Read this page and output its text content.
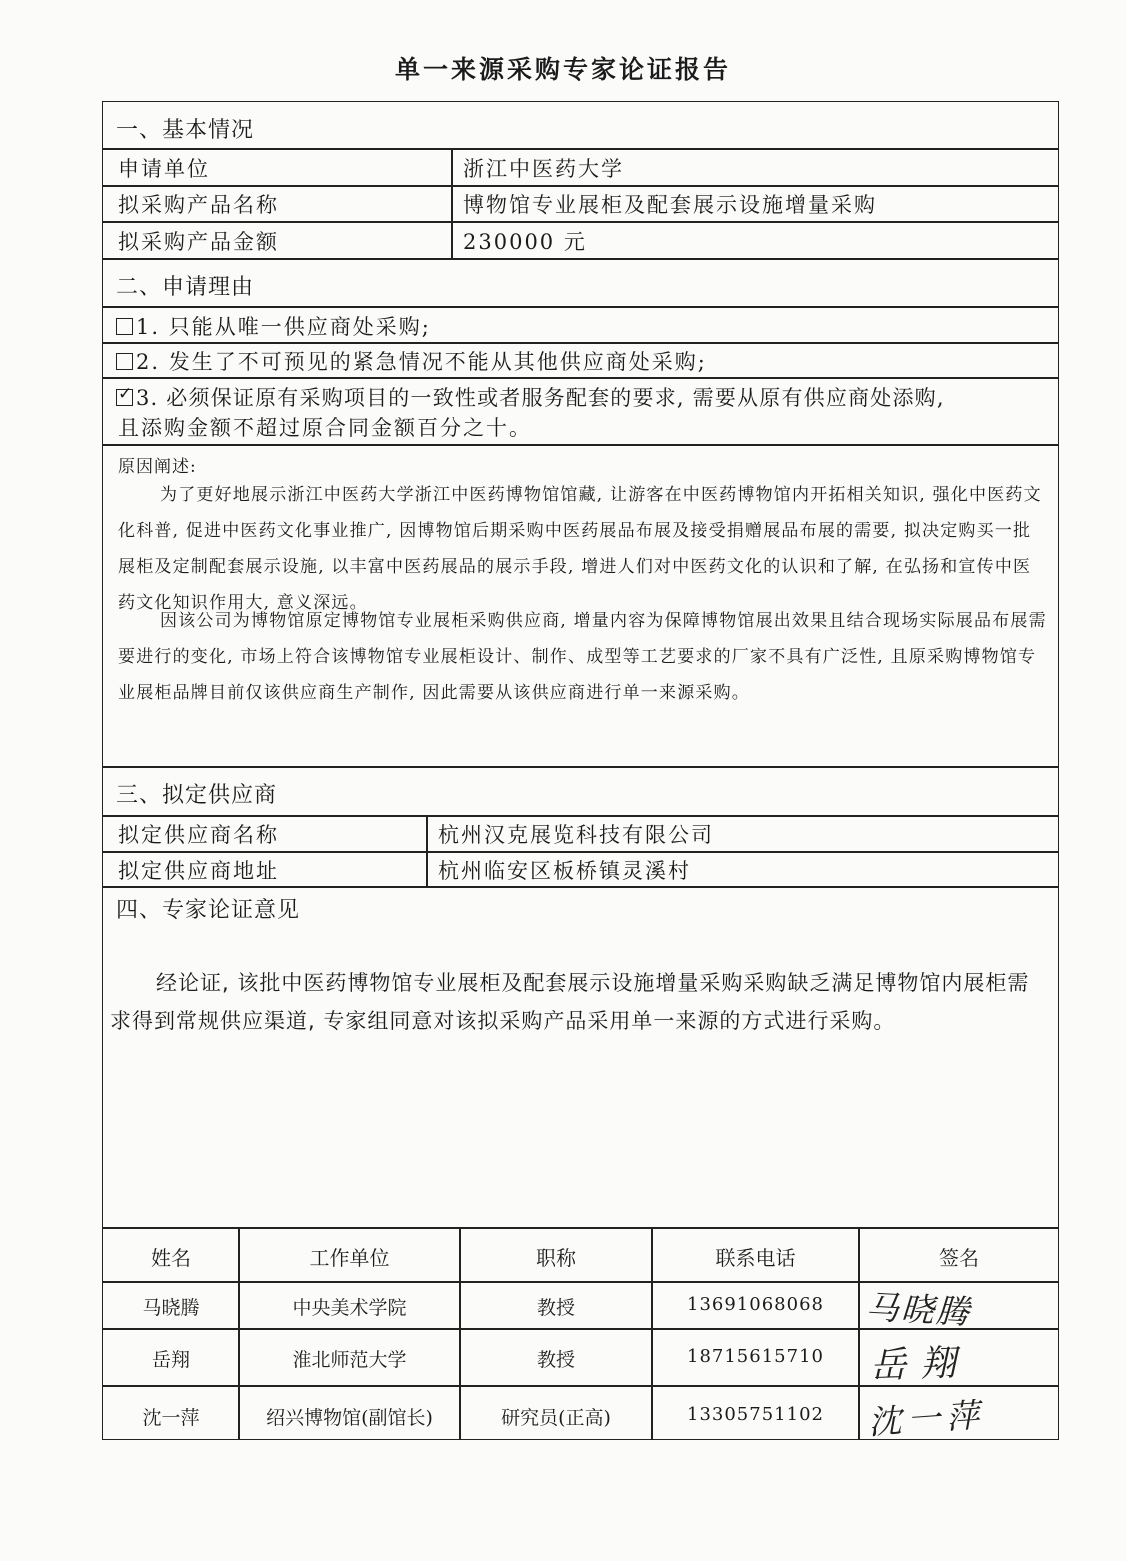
单一来源采购专家论证报告
一、基本情况
申请单位	浙江中医药大学
拟采购产品名称	博物馆专业展柜及配套展示设施增量采购
拟采购产品金额	230000 元
二、申请理由
1. 只能从唯一供应商处采购;
2. 发生了不可预见的紧急情况不能从其他供应商处采购;
✓3. 必须保证原有采购项目的一致性或者服务配套的要求, 需要从原有供应商处添购,
且添购金额不超过原合同金额百分之十。
原因阐述:
为了更好地展示浙江中医药大学浙江中医药博物馆馆藏, 让游客在中医药博物馆内开拓相关知识, 强化中医药文化科普, 促进中医药文化事业推广, 因博物馆后期采购中医药展品布展及接受捐赠展品布展的需要, 拟决定购买一批展柜及定制配套展示设施, 以丰富中医药展品的展示手段, 增进人们对中医药文化的认识和了解, 在弘扬和宣传中医药文化知识作用大, 意义深远。
因该公司为博物馆原定博物馆专业展柜采购供应商, 增量内容为保障博物馆展出效果且结合现场实际展品布展需要进行的变化, 市场上符合该博物馆专业展柜设计、制作、成型等工艺要求的厂家不具有广泛性, 且原采购博物馆专业展柜品牌目前仅该供应商生产制作, 因此需要从该供应商进行单一来源采购。
三、拟定供应商
拟定供应商名称	杭州汉克展览科技有限公司
拟定供应商地址	杭州临安区板桥镇灵溪村
四、专家论证意见
经论证, 该批中医药博物馆专业展柜及配套展示设施增量采购采购缺乏满足博物馆内展柜需求得到常规供应渠道, 专家组同意对该拟采购产品采用单一来源的方式进行采购。
姓名	工作单位	职称	联系电话	签名
马晓腾	中央美术学院	教授	13691068068	马晓腾
岳翔	淮北师范大学	教授	18715615710	岳翔
沈一萍	绍兴博物馆(副馆长)	研究员(正高)	13305751102	沈一萍
